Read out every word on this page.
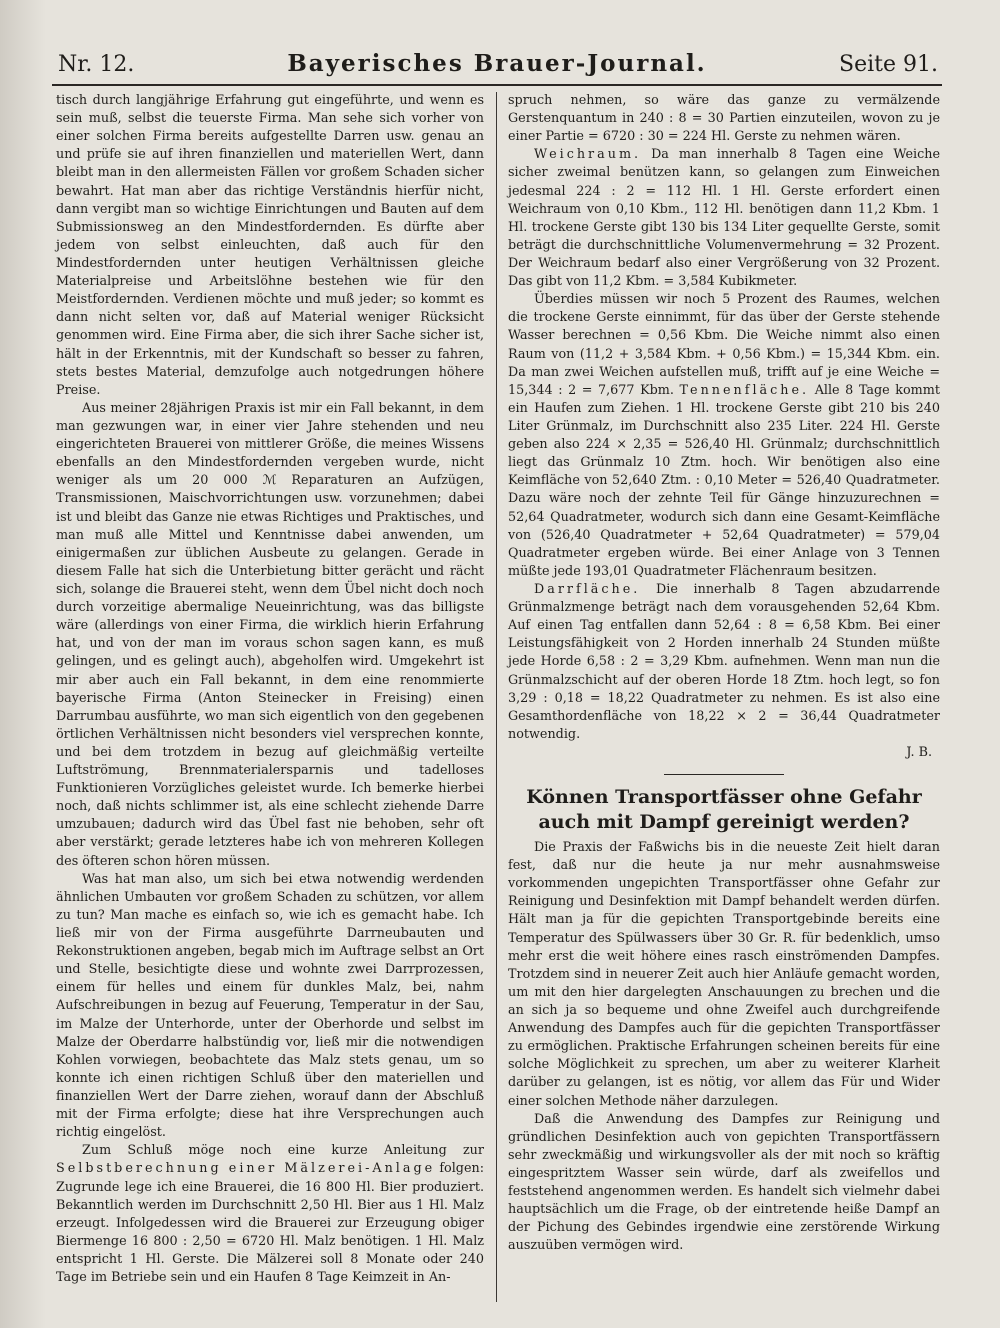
Nr. 12.	Bayerisches Brauer-Journal.	Seite 91.

tisch durch langjährige Erfahrung gut eingeführte, und wenn es sein muß, selbst die teuerste Firma. Man sehe sich vorher von einer solchen Firma bereits aufgestellte Darren usw. genau an und prüfe sie auf ihren finanziellen und materiellen Wert, dann bleibt man in den allermeisten Fällen vor großem Schaden sicher bewahrt. Hat man aber das richtige Verständnis hierfür nicht, dann vergibt man so wichtige Einrichtungen und Bauten auf dem Submissionsweg an den Mindestfordernden. Es dürfte aber jedem von selbst einleuchten, daß auch für den Mindestfordernden unter heutigen Verhältnissen gleiche Materialpreise und Arbeitslöhne bestehen wie für den Meistfordernden. Verdienen möchte und muß jeder; so kommt es dann nicht selten vor, daß auf Material weniger Rücksicht genommen wird. Eine Firma aber, die sich ihrer Sache sicher ist, hält in der Erkenntnis, mit der Kundschaft so besser zu fahren, stets bestes Material, demzufolge auch notgedrungen höhere Preise.

Aus meiner 28jährigen Praxis ist mir ein Fall bekannt, in dem man gezwungen war, in einer vier Jahre stehenden und neu eingerichteten Brauerei von mittlerer Größe, die meines Wissens ebenfalls an den Mindestfordernden vergeben wurde, nicht weniger als um 20 000 ℳ Reparaturen an Aufzügen, Transmissionen, Maischvorrichtungen usw. vorzunehmen; dabei ist und bleibt das Ganze nie etwas Richtiges und Praktisches, und man muß alle Mittel und Kenntnisse dabei anwenden, um einigermaßen zur üblichen Ausbeute zu gelangen. Gerade in diesem Falle hat sich die Unterbietung bitter gerächt und rächt sich, solange die Brauerei steht, wenn dem Übel nicht doch noch durch vorzeitige abermalige Neueinrichtung, was das billigste wäre (allerdings von einer Firma, die wirklich hierin Erfahrung hat, und von der man im voraus schon sagen kann, es muß gelingen, und es gelingt auch), abgeholfen wird. Umgekehrt ist mir aber auch ein Fall bekannt, in dem eine renommierte bayerische Firma (Anton Steinecker in Freising) einen Darrumbau ausführte, wo man sich eigentlich von den gegebenen örtlichen Verhältnissen nicht besonders viel versprechen konnte, und bei dem trotzdem in bezug auf gleichmäßig verteilte Luftströmung, Brennmaterialersparnis und tadelloses Funktionieren Vorzügliches geleistet wurde. Ich bemerke hierbei noch, daß nichts schlimmer ist, als eine schlecht ziehende Darre umzubauen; dadurch wird das Übel fast nie behoben, sehr oft aber verstärkt; gerade letzteres habe ich von mehreren Kollegen des öfteren schon hören müssen.

Was hat man also, um sich bei etwa notwendig werdenden ähnlichen Umbauten vor großem Schaden zu schützen, vor allem zu tun? Man mache es einfach so, wie ich es gemacht habe. Ich ließ mir von der Firma ausgeführte Darrneubauten und Rekonstruktionen angeben, begab mich im Auftrage selbst an Ort und Stelle, besichtigte diese und wohnte zwei Darrprozessen, einem für helles und einem für dunkles Malz, bei, nahm Aufschreibungen in bezug auf Feuerung, Temperatur in der Sau, im Malze der Unterhorde, unter der Oberhorde und selbst im Malze der Oberdarre halbstündig vor, ließ mir die notwendigen Kohlen vorwiegen, beobachtete das Malz stets genau, um so konnte ich einen richtigen Schluß über den materiellen und finanziellen Wert der Darre ziehen, worauf dann der Abschluß mit der Firma erfolgte; diese hat ihre Versprechungen auch richtig eingelöst.

Zum Schluß möge noch eine kurze Anleitung zur Selbstberechnung einer Mälzerei-Anlage folgen: Zugrunde lege ich eine Brauerei, die 16 800 Hl. Bier produziert. Bekanntlich werden im Durchschnitt 2,50 Hl. Bier aus 1 Hl. Malz erzeugt. Infolgedessen wird die Brauerei zur Erzeugung obiger Biermenge 16 800 : 2,50 = 6720 Hl. Malz benötigen. 1 Hl. Malz entspricht 1 Hl. Gerste. Die Mälzerei soll 8 Monate oder 240 Tage im Betriebe sein und ein Haufen 8 Tage Keimzeit in An-

spruch nehmen, so wäre das ganze zu vermälzende Gerstenquantum in 240 : 8 = 30 Partien einzuteilen, wovon zu je einer Partie = 6720 : 30 = 224 Hl. Gerste zu nehmen wären.

Weichraum. Da man innerhalb 8 Tagen eine Weiche sicher zweimal benützen kann, so gelangen zum Einweichen jedesmal 224 : 2 = 112 Hl. 1 Hl. Gerste erfordert einen Weichraum von 0,10 Kbm., 112 Hl. benötigen dann 11,2 Kbm. 1 Hl. trockene Gerste gibt 130 bis 134 Liter gequellte Gerste, somit beträgt die durchschnittliche Volumenvermehrung = 32 Prozent. Der Weichraum bedarf also einer Vergrößerung von 32 Prozent. Das gibt von 11,2 Kbm. = 3,584 Kubikmeter.

Überdies müssen wir noch 5 Prozent des Raumes, welchen die trockene Gerste einnimmt, für das über der Gerste stehende Wasser berechnen = 0,56 Kbm. Die Weiche nimmt also einen Raum von (11,2 + 3,584 Kbm. + 0,56 Kbm.) = 15,344 Kbm. ein. Da man zwei Weichen aufstellen muß, trifft auf je eine Weiche = 15,344 : 2 = 7,677 Kbm. Tennenfläche. Alle 8 Tage kommt ein Haufen zum Ziehen. 1 Hl. trockene Gerste gibt 210 bis 240 Liter Grünmalz, im Durchschnitt also 235 Liter. 224 Hl. Gerste geben also 224 × 2,35 = 526,40 Hl. Grünmalz; durchschnittlich liegt das Grünmalz 10 Ztm. hoch. Wir benötigen also eine Keimfläche von 52,640 Ztm. : 0,10 Meter = 526,40 Quadratmeter. Dazu wäre noch der zehnte Teil für Gänge hinzuzurechnen = 52,64 Quadratmeter, wodurch sich dann eine Gesamt-Keimfläche von (526,40 Quadratmeter + 52,64 Quadratmeter) = 579,04 Quadratmeter ergeben würde. Bei einer Anlage von 3 Tennen müßte jede 193,01 Quadratmeter Flächenraum besitzen.

Darrfläche. Die innerhalb 8 Tagen abzudarrende Grünmalzmenge beträgt nach dem vorausgehenden 52,64 Kbm. Auf einen Tag entfallen dann 52,64 : 8 = 6,58 Kbm. Bei einer Leistungsfähigkeit von 2 Horden innerhalb 24 Stunden müßte jede Horde 6,58 : 2 = 3,29 Kbm. aufnehmen. Wenn man nun die Grünmalzschicht auf der oberen Horde 18 Ztm. hoch legt, so fon 3,29 : 0,18 = 18,22 Quadratmeter zu nehmen. Es ist also eine Gesamthordenfläche von 18,22 × 2 = 36,44 Quadratmeter notwendig.

J. B.

Können Transportfässer ohne Gefahr auch mit Dampf gereinigt werden?

Die Praxis der Faßwichs bis in die neueste Zeit hielt daran fest, daß nur die heute ja nur mehr ausnahmsweise vorkommenden ungepichten Transportfässer ohne Gefahr zur Reinigung und Desinfektion mit Dampf behandelt werden dürfen. Hält man ja für die gepichten Transportgebinde bereits eine Temperatur des Spülwassers über 30 Gr. R. für bedenklich, umso mehr erst die weit höhere eines rasch einströmenden Dampfes. Trotzdem sind in neuerer Zeit auch hier Anläufe gemacht worden, um mit den hier dargelegten Anschauungen zu brechen und die an sich ja so bequeme und ohne Zweifel auch durchgreifende Anwendung des Dampfes auch für die gepichten Transportfässer zu ermöglichen. Praktische Erfahrungen scheinen bereits für eine solche Möglichkeit zu sprechen, um aber zu weiterer Klarheit darüber zu gelangen, ist es nötig, vor allem das Für und Wider einer solchen Methode näher darzulegen.

Daß die Anwendung des Dampfes zur Reinigung und gründlichen Desinfektion auch von gepichten Transportfässern sehr zweckmäßig und wirkungsvoller als der mit noch so kräftig eingespritztem Wasser sein würde, darf als zweifellos und feststehend angenommen werden. Es handelt sich vielmehr dabei hauptsächlich um die Frage, ob der eintretende heiße Dampf an der Pichung des Gebindes irgendwie eine zerstörende Wirkung auszuüben vermögen wird.
